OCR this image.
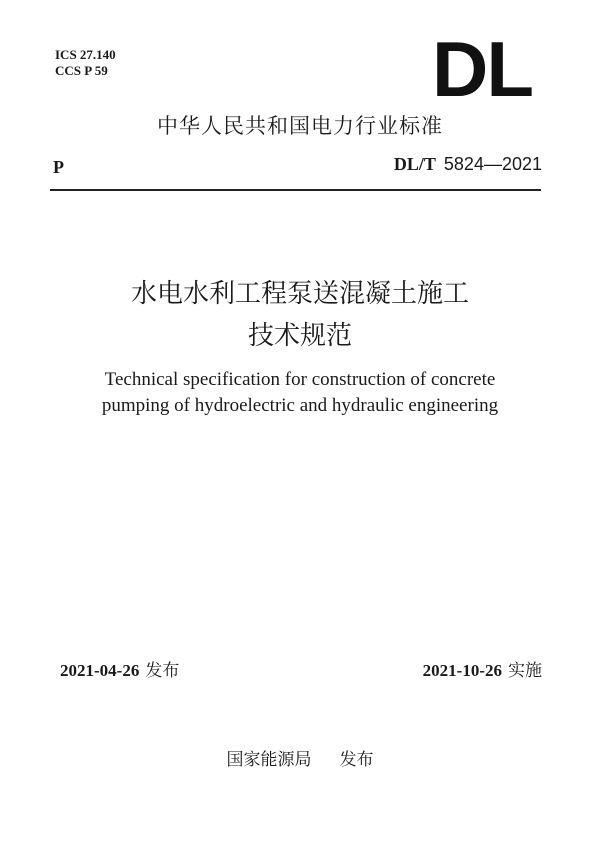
ICS 27.140
CCS P 59	DL
中华人民共和国电力行业标准
P	DL/T 5824—2021
水电水利工程泵送混凝土施工
技术规范
Technical specification for construction of concrete
pumping of hydroelectric and hydraulic engineering
2021-04-26 发布	2021-10-26 实施
国家能源局 发布
